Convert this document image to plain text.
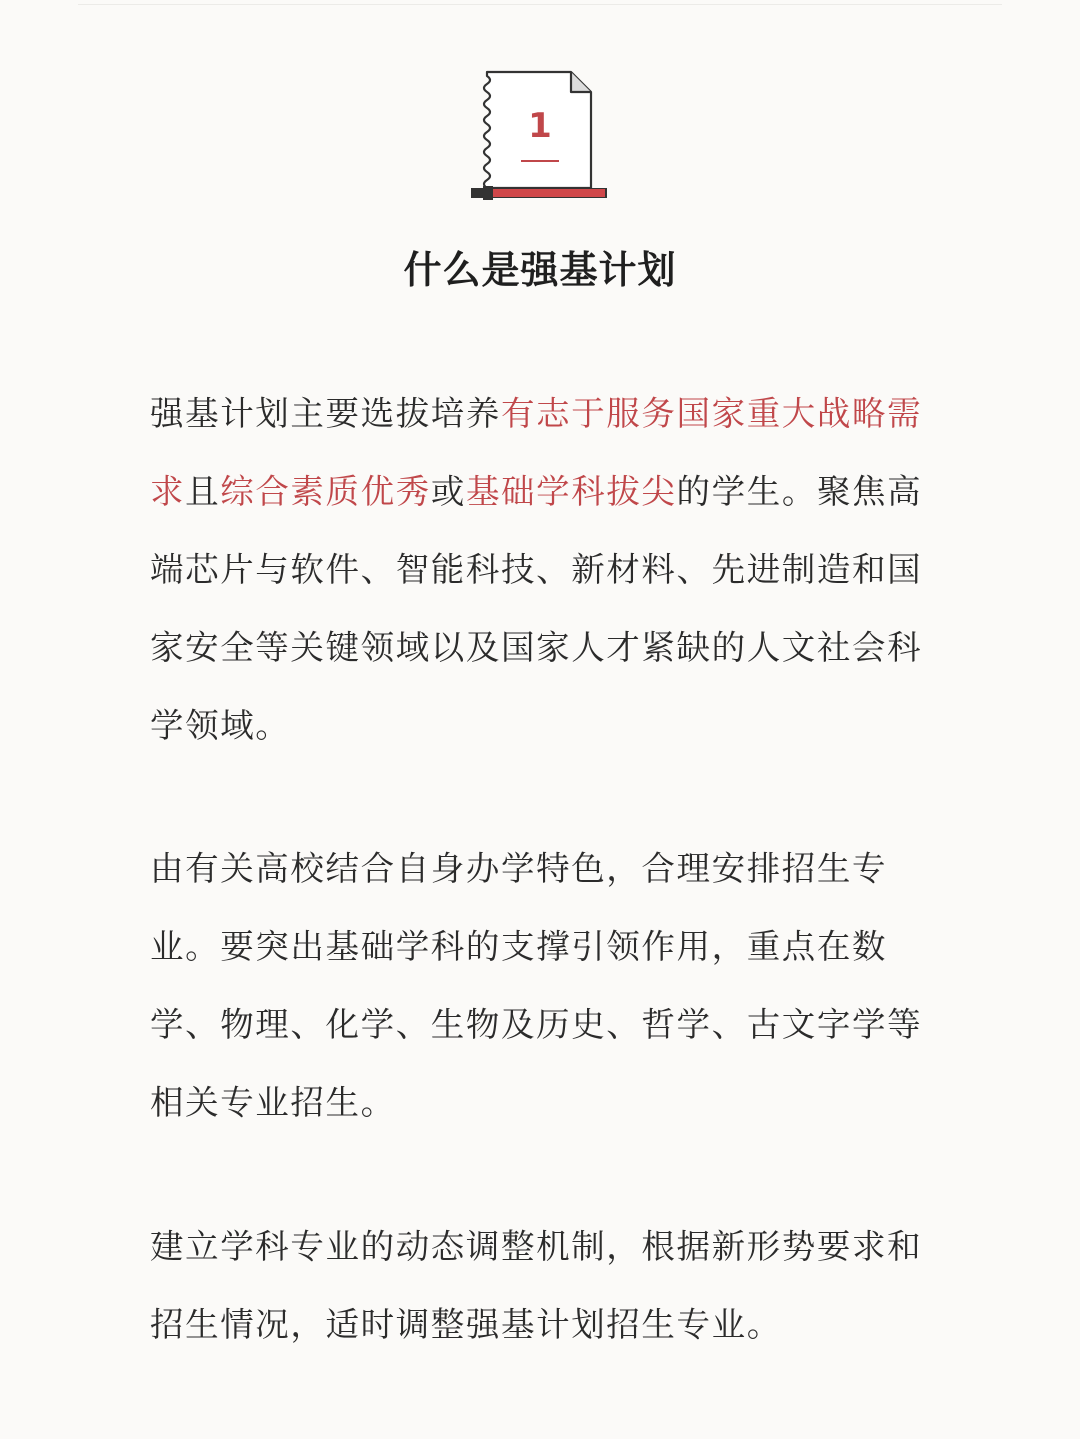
1
什么是强基计划

强基计划主要选拔培养有志于服务国家重大战略需求且综合素质优秀或基础学科拔尖的学生。聚焦高端芯片与软件、智能科技、新材料、先进制造和国家安全等关键领域以及国家人才紧缺的人文社会科学领域。

由有关高校结合自身办学特色，合理安排招生专业。要突出基础学科的支撑引领作用，重点在数学、物理、化学、生物及历史、哲学、古文字学等相关专业招生。

建立学科专业的动态调整机制，根据新形势要求和招生情况，适时调整强基计划招生专业。
